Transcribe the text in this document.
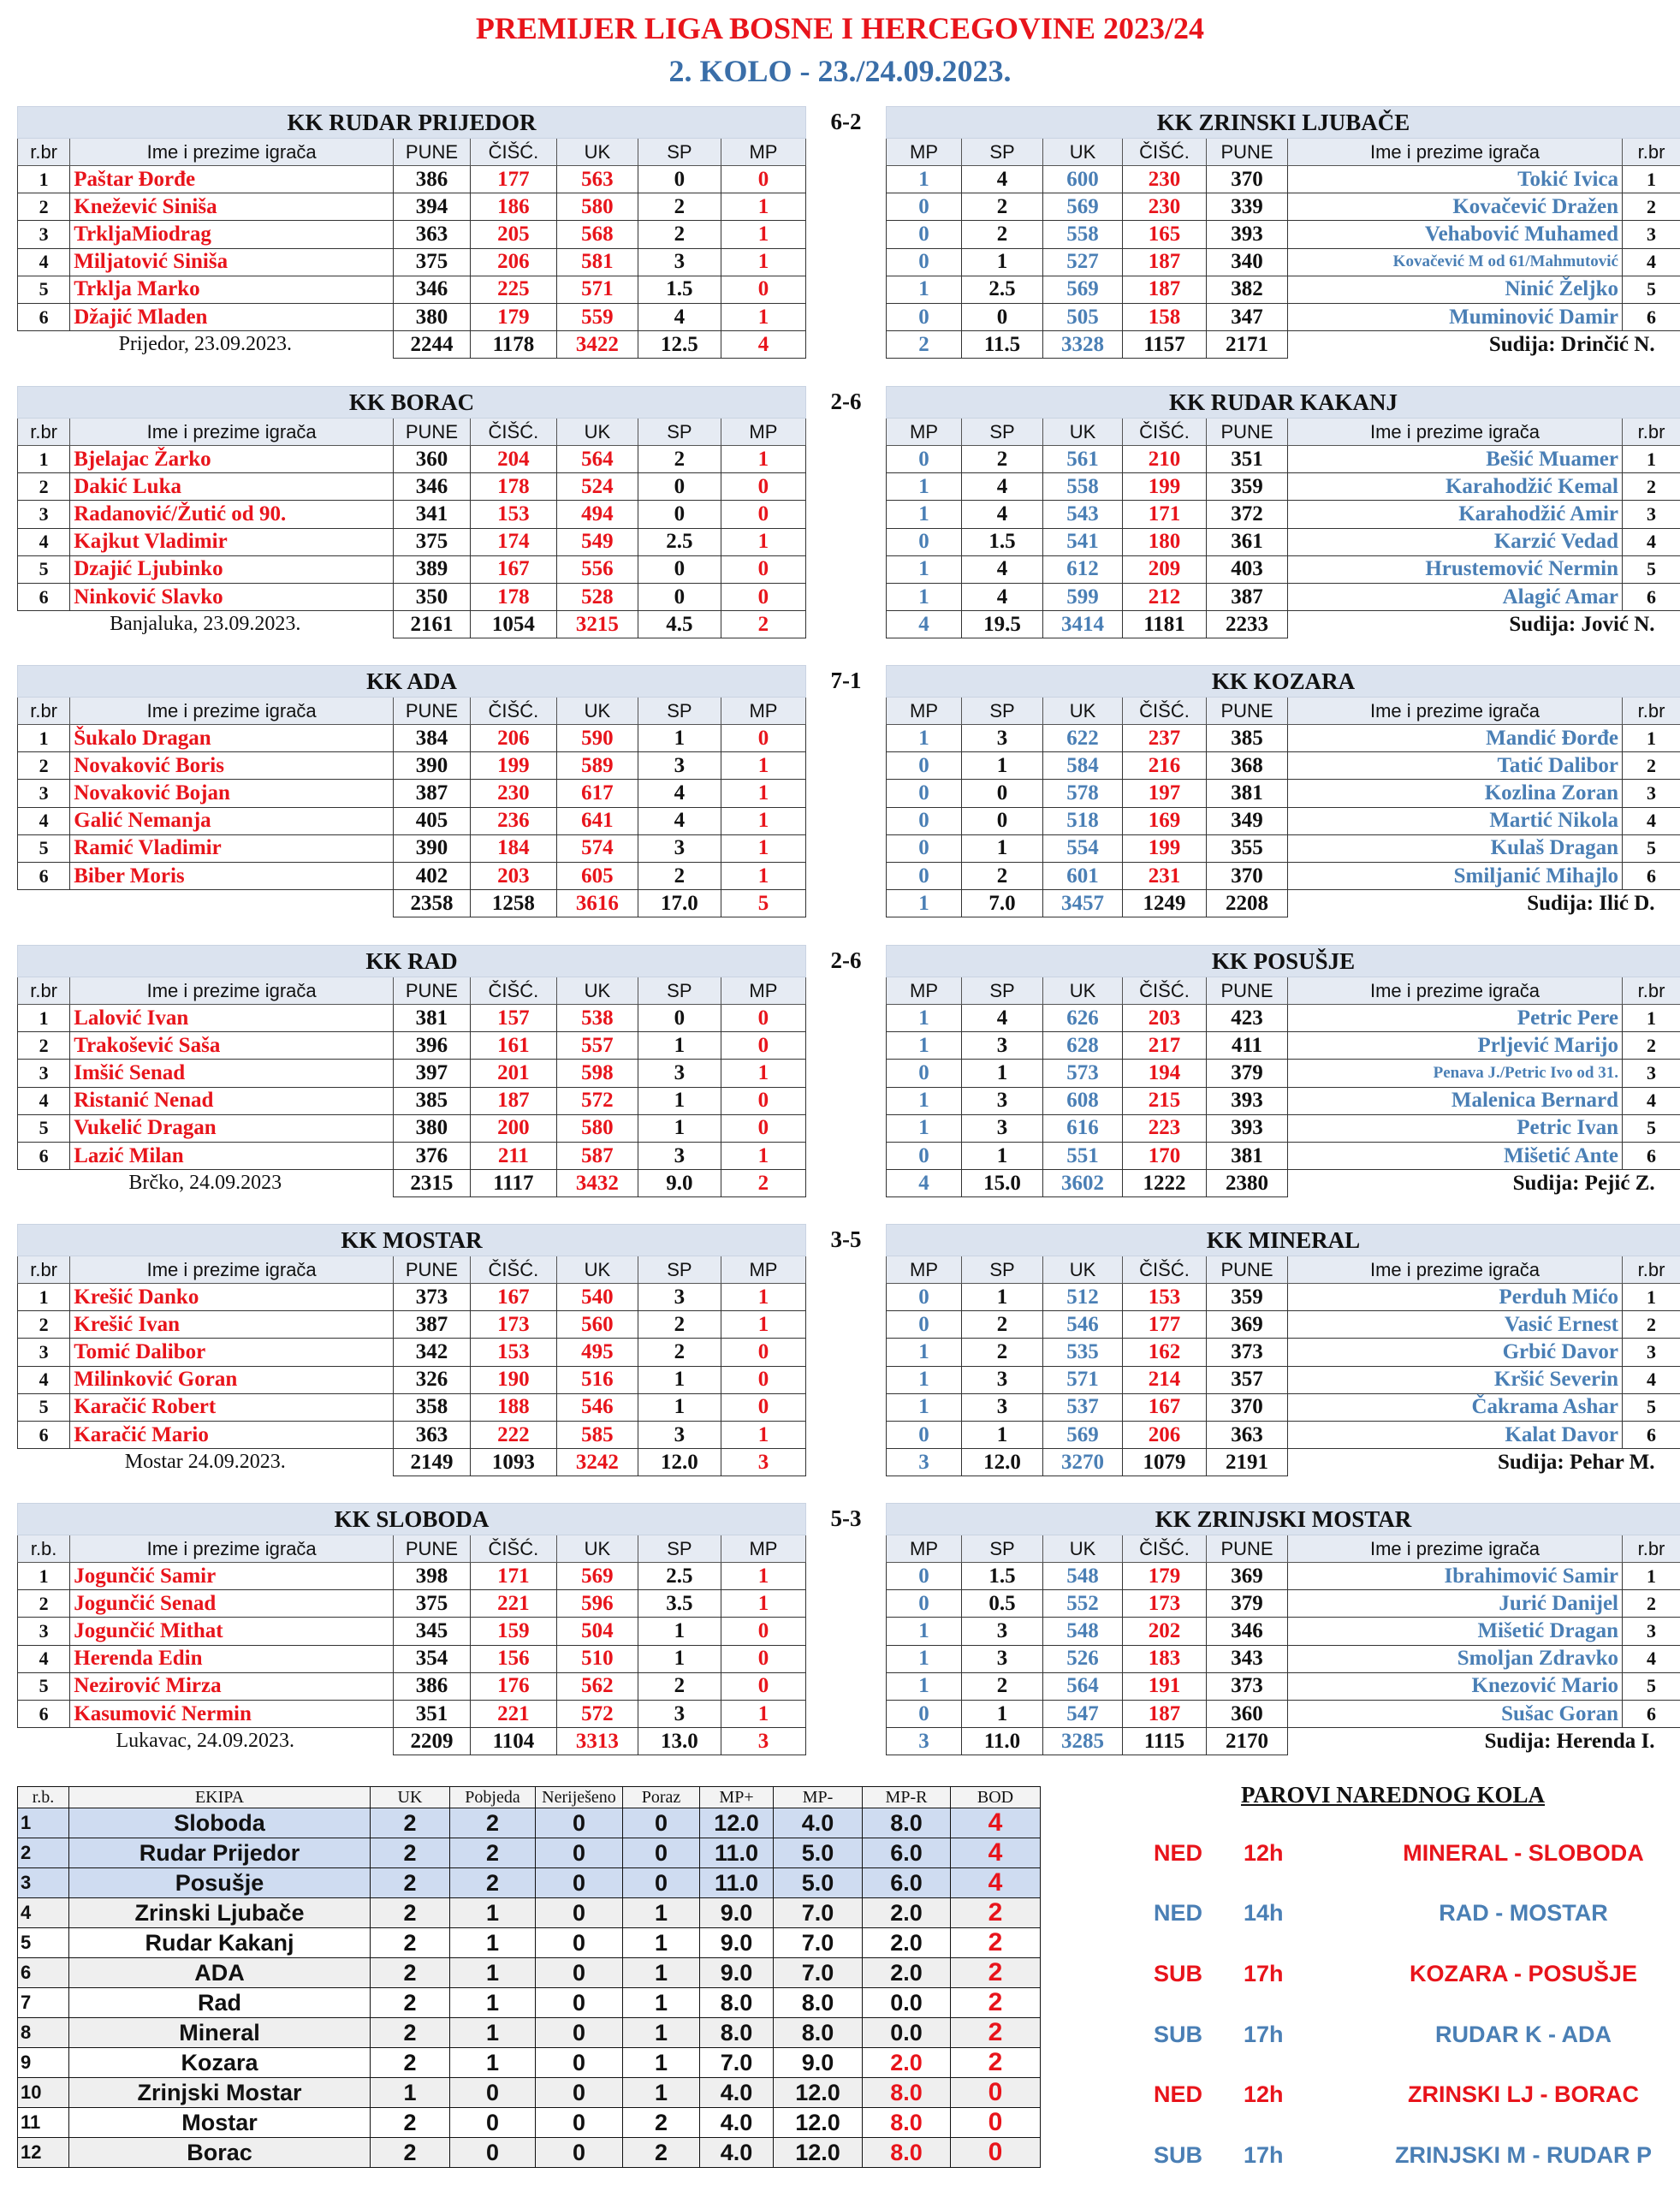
PREMIJER LIGA BOSNE I HERCEGOVINE 2023/24
2. KOLO - 23./24.09.2023.
6-2
KK RUDAR PRIJEDOR						
r.br	Ime i prezime igrača	PUNE	ČIŠĆ.	UK	SP	MP
1	Paštar Đorđe	386	177	563	0	0
2	Knežević Siniša	394	186	580	2	1
3	TrkljaMiodrag	363	205	568	2	1
4	Miljatović Siniša	375	206	581	3	1
5	Trklja Marko	346	225	571	1.5	0
6	Džajić Mladen	380	179	559	4	1
Prijedor, 23.09.2023.		2244	1178	3422	12.5	4
KK ZRINSKI LJUBAČE						
MP	SP	UK	ČIŠĆ.	PUNE	Ime i prezime igrača	r.br
1	4	600	230	370	Tokić Ivica	1
0	2	569	230	339	Kovačević Dražen	2
0	2	558	165	393	Vehabović Muhamed	3
0	1	527	187	340	Kovačević M od 61/Mahmutović	4
1	2.5	569	187	382	Ninić Željko	5
0	0	505	158	347	Muminović Damir	6
2	11.5	3328	1157	2171	Sudija: Drinčić N.	
2-6
KK BORAC						
r.br	Ime i prezime igrača	PUNE	ČIŠĆ.	UK	SP	MP
1	Bjelajac Žarko	360	204	564	2	1
2	Dakić Luka	346	178	524	0	0
3	Radanović/Žutić od 90.	341	153	494	0	0
4	Kajkut Vladimir	375	174	549	2.5	1
5	Dzajić Ljubinko	389	167	556	0	0
6	Ninković Slavko	350	178	528	0	0
Banjaluka, 23.09.2023.		2161	1054	3215	4.5	2
KK RUDAR KAKANJ						
MP	SP	UK	ČIŠĆ.	PUNE	Ime i prezime igrača	r.br
0	2	561	210	351	Bešić Muamer	1
1	4	558	199	359	Karahodžić Kemal	2
1	4	543	171	372	Karahodžić Amir	3
0	1.5	541	180	361	Karzić Vedad	4
1	4	612	209	403	Hrustemović Nermin	5
1	4	599	212	387	Alagić Amar	6
4	19.5	3414	1181	2233	Sudija: Jović N.	
7-1
KK ADA						
r.br	Ime i prezime igrača	PUNE	ČIŠĆ.	UK	SP	MP
1	Šukalo Dragan	384	206	590	1	0
2	Novaković Boris	390	199	589	3	1
3	Novaković Bojan	387	230	617	4	1
4	Galić Nemanja	405	236	641	4	1
5	Ramić Vladimir	390	184	574	3	1
6	Biber Moris	402	203	605	2	1
		2358	1258	3616	17.0	5
KK KOZARA						
MP	SP	UK	ČIŠĆ.	PUNE	Ime i prezime igrača	r.br
1	3	622	237	385	Mandić Đorđe	1
0	1	584	216	368	Tatić Dalibor	2
0	0	578	197	381	Kozlina Zoran	3
0	0	518	169	349	Martić Nikola	4
0	1	554	199	355	Kulaš Dragan	5
0	2	601	231	370	Smiljanić Mihajlo	6
1	7.0	3457	1249	2208	Sudija: Ilić D.	
2-6
KK RAD						
r.br	Ime i prezime igrača	PUNE	ČIŠĆ.	UK	SP	MP
1	Lalović Ivan	381	157	538	0	0
2	Trakošević Saša	396	161	557	1	0
3	Imšić Senad	397	201	598	3	1
4	Ristanić Nenad	385	187	572	1	0
5	Vukelić Dragan	380	200	580	1	0
6	Lazić Milan	376	211	587	3	1
Brčko, 24.09.2023		2315	1117	3432	9.0	2
KK POSUŠJE						
MP	SP	UK	ČIŠĆ.	PUNE	Ime i prezime igrača	r.br
1	4	626	203	423	Petric Pere	1
1	3	628	217	411	Prljević Marijo	2
0	1	573	194	379	Penava J./Petric Ivo od 31.	3
1	3	608	215	393	Malenica Bernard	4
1	3	616	223	393	Petric Ivan	5
0	1	551	170	381	Mišetić Ante	6
4	15.0	3602	1222	2380	Sudija: Pejić Z.	
3-5
KK MOSTAR						
r.br	Ime i prezime igrača	PUNE	ČIŠĆ.	UK	SP	MP
1	Krešić Danko	373	167	540	3	1
2	Krešić Ivan	387	173	560	2	1
3	Tomić Dalibor	342	153	495	2	0
4	Milinković Goran	326	190	516	1	0
5	Karačić Robert	358	188	546	1	0
6	Karačić Mario	363	222	585	3	1
Mostar 24.09.2023.		2149	1093	3242	12.0	3
KK MINERAL						
MP	SP	UK	ČIŠĆ.	PUNE	Ime i prezime igrača	r.br
0	1	512	153	359	Perduh Mićo	1
0	2	546	177	369	Vasić Ernest	2
1	2	535	162	373	Grbić Davor	3
1	3	571	214	357	Kršić Severin	4
1	3	537	167	370	Čakrama Ashar	5
0	1	569	206	363	Kalat Davor	6
3	12.0	3270	1079	2191	Sudija: Pehar M.	
5-3
KK SLOBODA						
r.b.	Ime i prezime igrača	PUNE	ČIŠĆ.	UK	SP	MP
1	Jogunčić Samir	398	171	569	2.5	1
2	Jogunčić Senad	375	221	596	3.5	1
3	Jogunčić Mithat	345	159	504	1	0
4	Herenda Edin	354	156	510	1	0
5	Nezirović Mirza	386	176	562	2	0
6	Kasumović Nermin	351	221	572	3	1
Lukavac, 24.09.2023.		2209	1104	3313	13.0	3
KK ZRINJSKI MOSTAR						
MP	SP	UK	ČIŠĆ.	PUNE	Ime i prezime igrača	r.br
0	1.5	548	179	369	Ibrahimović Samir	1
0	0.5	552	173	379	Jurić Danijel	2
1	3	548	202	346	Mišetić Dragan	3
1	3	526	183	343	Smoljan Zdravko	4
1	2	564	191	373	Knezović Mario	5
0	1	547	187	360	Sušac Goran	6
3	11.0	3285	1115	2170	Sudija: Herenda I.	
r.b.	EKIPA	UK	Pobjeda	Neriješeno	Poraz	MP+	MP-	MP-R	BOD
1	Sloboda	2	2	0	0	12.0	4.0	8.0	4
2	Rudar Prijedor	2	2	0	0	11.0	5.0	6.0	4
3	Posušje	2	2	0	0	11.0	5.0	6.0	4
4	Zrinski Ljubače	2	1	0	1	9.0	7.0	2.0	2
5	Rudar Kakanj	2	1	0	1	9.0	7.0	2.0	2
6	ADA	2	1	0	1	9.0	7.0	2.0	2
7	Rad	2	1	0	1	8.0	8.0	0.0	2
8	Mineral	2	1	0	1	8.0	8.0	0.0	2
9	Kozara	2	1	0	1	7.0	9.0	2.0	2
10	Zrinjski Mostar	1	0	0	1	4.0	12.0	8.0	0
11	Mostar	2	0	0	2	4.0	12.0	8.0	0
12	Borac	2	0	0	2	4.0	12.0	8.0	0
PAROVI NAREDNOG KOLA
NED 12h	MINERAL - SLOBODA
NED 14h	RAD - MOSTAR
SUB 17h	KOZARA - POSUŠJE
SUB 17h	RUDAR K - ADA
NED 12h	ZRINSKI LJ - BORAC
SUB 17h	ZRINJSKI M - RUDAR P
